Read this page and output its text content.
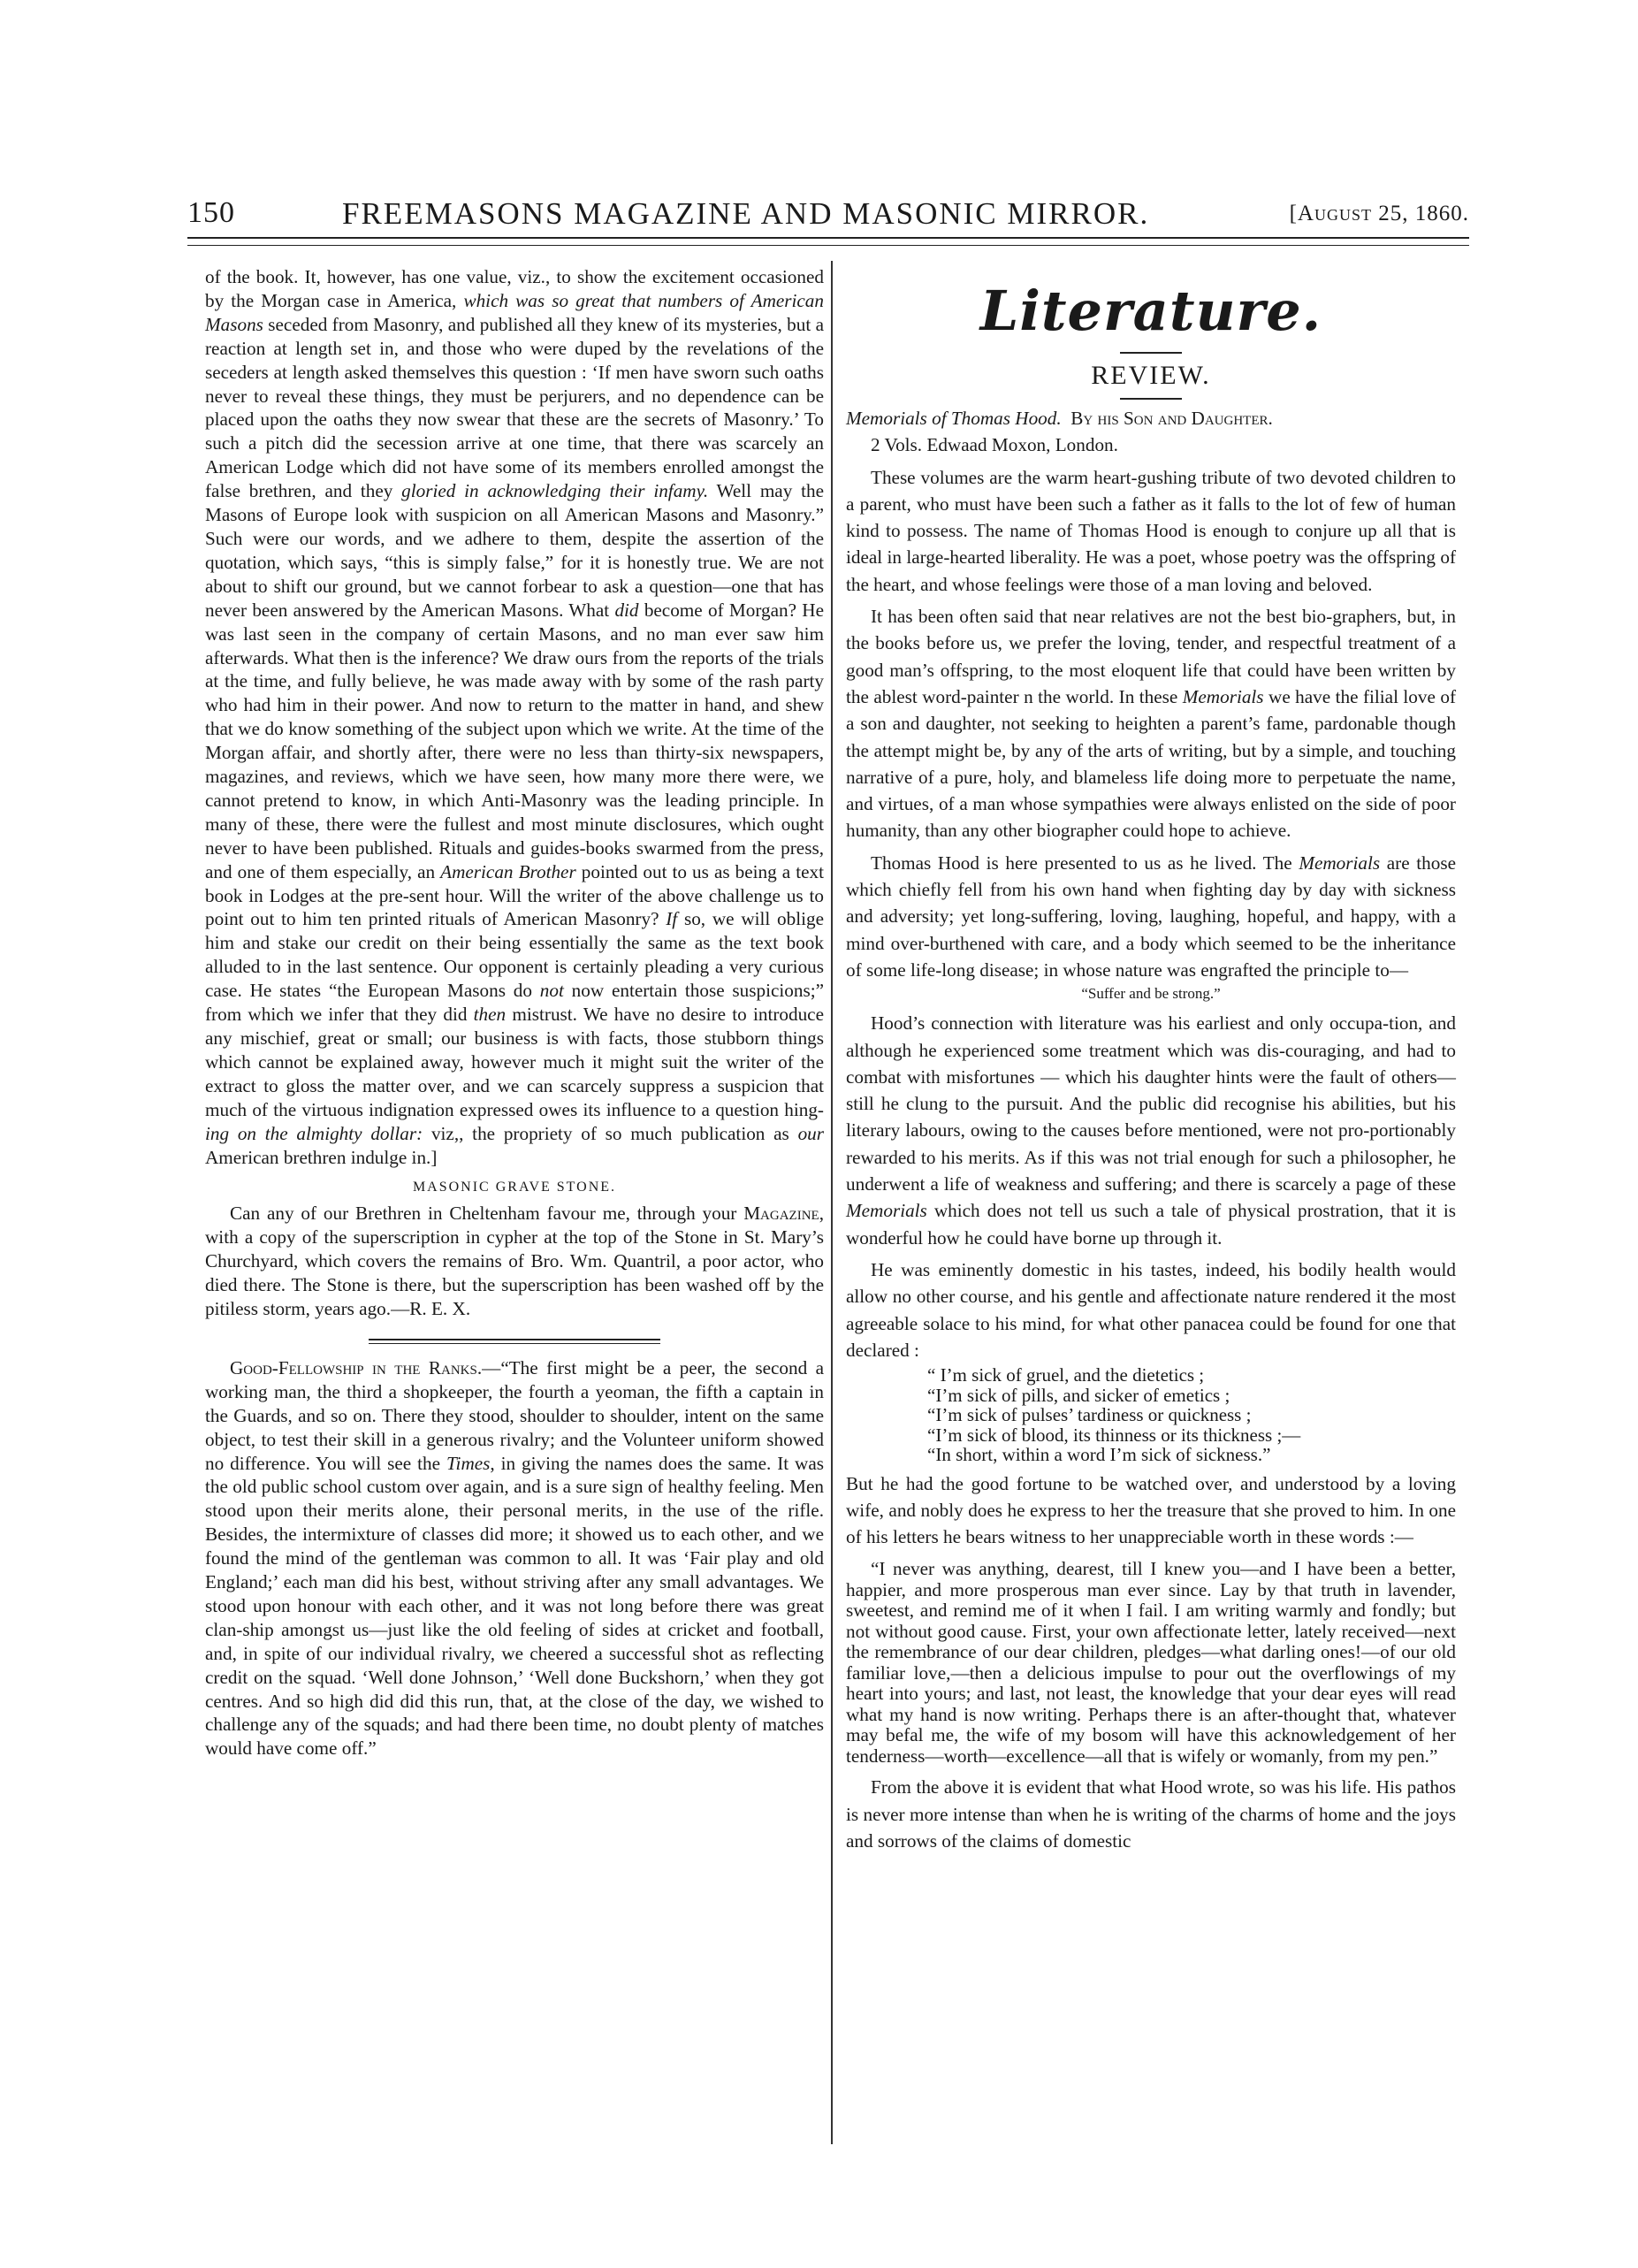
150	FREEMASONS MAGAZINE AND MASONIC MIRROR.	[August 25, 1860.

of the book. It, however, has one value, viz., to show the excitement occasioned by the Morgan case in America, which was so great that numbers of American Masons seceded from Masonry, and published all they knew of its mysteries, but a reaction at length set in, and those who were duped by the revelations of the seceders at length asked themselves this question : ‘If men have sworn such oaths never to reveal these things, they must be perjurers, and no dependence can be placed upon the oaths they now swear that these are the secrets of Masonry.’ To such a pitch did the secession arrive at one time, that there was scarcely an American Lodge which did not have some of its members enrolled amongst the false brethren, and they gloried in acknowledging their infamy. Well may the Masons of Europe look with suspicion on all American Masons and Masonry.” Such were our words, and we adhere to them, despite the assertion of the quotation, which says, “this is simply false,” for it is honestly true. We are not about to shift our ground, but we cannot forbear to ask a question—one that has never been answered by the American Masons. What did become of Morgan? He was last seen in the company of certain Masons, and no man ever saw him afterwards. What then is the inference? We draw ours from the reports of the trials at the time, and fully believe, he was made away with by some of the rash party who had him in their power. And now to return to the matter in hand, and shew that we do know something of the subject upon which we write. At the time of the Morgan affair, and shortly after, there were no less than thirty-six newspapers, magazines, and reviews, which we have seen, how many more there were, we cannot pretend to know, in which Anti-Masonry was the leading principle. In many of these, there were the fullest and most minute disclosures, which ought never to have been published. Rituals and guides-books swarmed from the press, and one of them especially, an American Brother pointed out to us as being a text book in Lodges at the pre-sent hour. Will the writer of the above challenge us to point out to him ten printed rituals of American Masonry? If so, we will oblige him and stake our credit on their being essentially the same as the text book alluded to in the last sentence. Our opponent is certainly pleading a very curious case. He states “the European Masons do not now entertain those suspicions;” from which we infer that they did then mistrust. We have no desire to introduce any mischief, great or small; our business is with facts, those stubborn things which cannot be explained away, however much it might suit the writer of the extract to gloss the matter over, and we can scarcely suppress a suspicion that much of the virtuous indignation expressed owes its influence to a question hing-ing on the almighty dollar: viz,, the propriety of so much publication as our American brethren indulge in.]

MASONIC GRAVE STONE.

Can any of our Brethren in Cheltenham favour me, through your Magazine, with a copy of the superscription in cypher at the top of the Stone in St. Mary’s Churchyard, which covers the remains of Bro. Wm. Quantril, a poor actor, who died there. The Stone is there, but the superscription has been washed off by the pitiless storm, years ago.—R. E. X.

Good-Fellowship in the Ranks.—“The first might be a peer, the second a working man, the third a shopkeeper, the fourth a yeoman, the fifth a captain in the Guards, and so on. There they stood, shoulder to shoulder, intent on the same object, to test their skill in a generous rivalry; and the Volunteer uniform showed no difference. You will see the Times, in giving the names does the same. It was the old public school custom over again, and is a sure sign of healthy feeling. Men stood upon their merits alone, their personal merits, in the use of the rifle. Besides, the intermixture of classes did more; it showed us to each other, and we found the mind of the gentleman was common to all. It was ‘Fair play and old England;’ each man did his best, without striving after any small advantages. We stood upon honour with each other, and it was not long before there was great clan-ship amongst us—just like the old feeling of sides at cricket and football, and, in spite of our individual rivalry, we cheered a successful shot as reflecting credit on the squad. ‘Well done Johnson,’ ‘Well done Buckshorn,’ when they got centres. And so high did did this run, that, at the close of the day, we wished to challenge any of the squads; and had there been time, no doubt plenty of matches would have come off.”

Literature.
REVIEW.

Memorials of Thomas Hood. By his Son and Daughter.

2 Vols. Edwaad Moxon, London.

These volumes are the warm heart-gushing tribute of two devoted children to a parent, who must have been such a father as it falls to the lot of few of human kind to possess. The name of Thomas Hood is enough to conjure up all that is ideal in large-hearted liberality. He was a poet, whose poetry was the offspring of the heart, and whose feelings were those of a man loving and beloved.

It has been often said that near relatives are not the best bio-graphers, but, in the books before us, we prefer the loving, tender, and respectful treatment of a good man’s offspring, to the most eloquent life that could have been written by the ablest word-painter n the world. In these Memorials we have the filial love of a son and daughter, not seeking to heighten a parent’s fame, pardonable though the attempt might be, by any of the arts of writing, but by a simple, and touching narrative of a pure, holy, and blameless life doing more to perpetuate the name, and virtues, of a man whose sympathies were always enlisted on the side of poor humanity, than any other biographer could hope to achieve.

Thomas Hood is here presented to us as he lived. The Memorials are those which chiefly fell from his own hand when fighting day by day with sickness and adversity; yet long-suffering, loving, laughing, hopeful, and happy, with a mind over-burthened with care, and a body which seemed to be the inheritance of some life-long disease; in whose nature was engrafted the principle to—

“Suffer and be strong.”

Hood’s connection with literature was his earliest and only occupa-tion, and although he experienced some treatment which was dis-couraging, and had to combat with misfortunes — which his daughter hints were the fault of others—still he clung to the pursuit. And the public did recognise his abilities, but his literary labours, owing to the causes before mentioned, were not pro-portionably rewarded to his merits. As if this was not trial enough for such a philosopher, he underwent a life of weakness and suffering; and there is scarcely a page of these Memorials which does not tell us such a tale of physical prostration, that it is wonderful how he could have borne up through it.

He was eminently domestic in his tastes, indeed, his bodily health would allow no other course, and his gentle and affectionate nature rendered it the most agreeable solace to his mind, for what other panacea could be found for one that declared :

“ I’m sick of gruel, and the dietetics ;
“I’m sick of pills, and sicker of emetics ;
“I’m sick of pulses’ tardiness or quickness ;
“I’m sick of blood, its thinness or its thickness ;—
“In short, within a word I’m sick of sickness.”

But he had the good fortune to be watched over, and understood by a loving wife, and nobly does he express to her the treasure that she proved to him. In one of his letters he bears witness to her unappreciable worth in these words :—

“I never was anything, dearest, till I knew you—and I have been a better, happier, and more prosperous man ever since. Lay by that truth in lavender, sweetest, and remind me of it when I fail. I am writing warmly and fondly; but not without good cause. First, your own affectionate letter, lately received—next the remembrance of our dear children, pledges—what darling ones!—of our old familiar love,—then a delicious impulse to pour out the overflowings of my heart into yours; and last, not least, the knowledge that your dear eyes will read what my hand is now writing. Perhaps there is an after-thought that, whatever may befal me, the wife of my bosom will have this acknowledgement of her tenderness—worth—excellence—all that is wifely or womanly, from my pen.”

From the above it is evident that what Hood wrote, so was his life. His pathos is never more intense than when he is writing of the charms of home and the joys and sorrows of the claims of domestic
